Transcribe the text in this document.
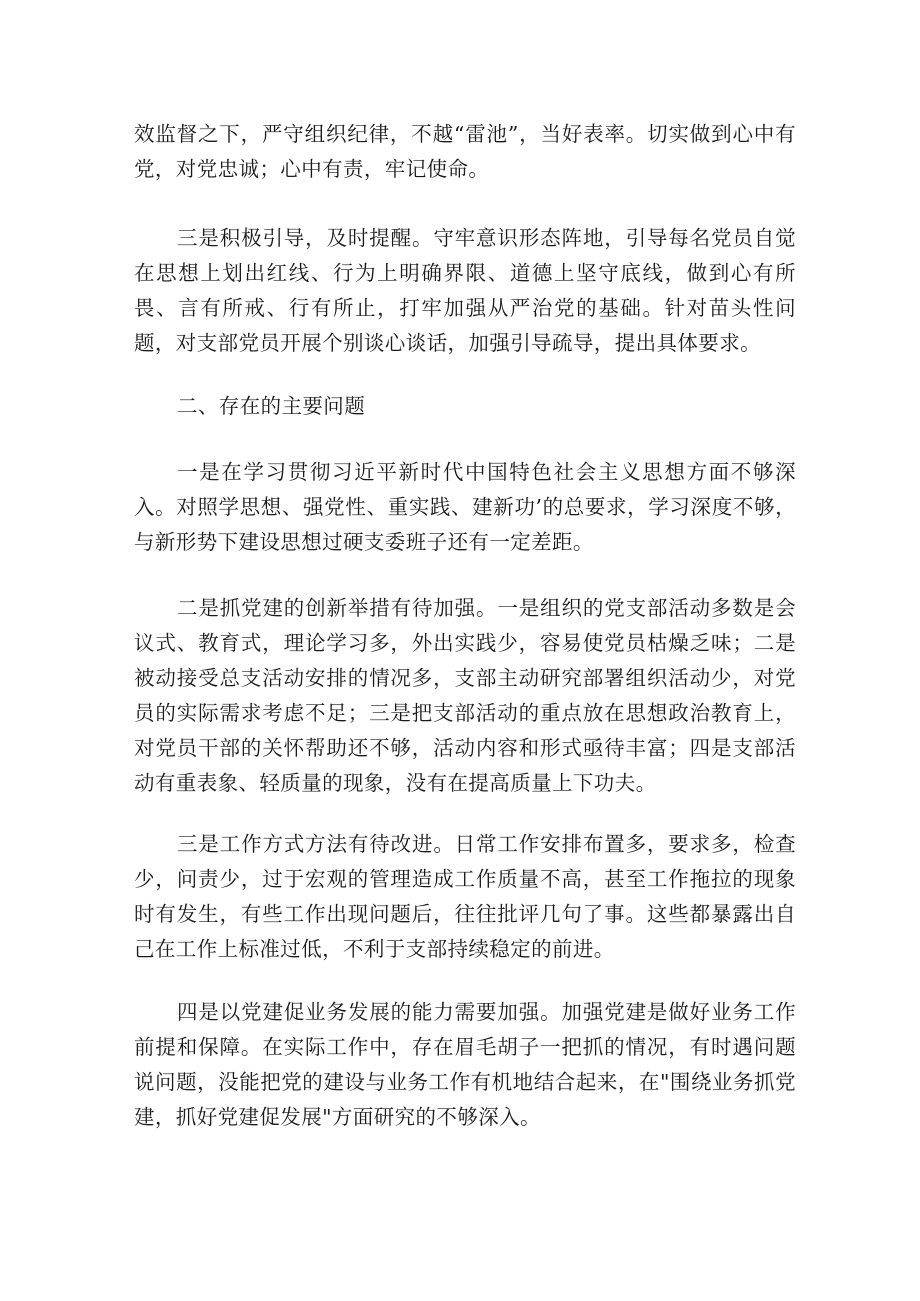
效监督之下，严守组织纪律，不越“雷池”，当好表率。切实做到心中有党，对党忠诚；心中有责，牢记使命。

三是积极引导，及时提醒。守牢意识形态阵地，引导每名党员自觉在思想上划出红线、行为上明确界限、道德上坚守底线，做到心有所畏、言有所戒、行有所止，打牢加强从严治党的基础。针对苗头性问题，对支部党员开展个别谈心谈话，加强引导疏导，提出具体要求。

二、存在的主要问题

一是在学习贯彻习近平新时代中国特色社会主义思想方面不够深入。对照学思想、强党性、重实践、建新功’的总要求，学习深度不够，与新形势下建设思想过硬支委班子还有一定差距。

二是抓党建的创新举措有待加强。一是组织的党支部活动多数是会议式、教育式，理论学习多，外出实践少，容易使党员枯燥乏味；二是被动接受总支活动安排的情况多，支部主动研究部署组织活动少，对党员的实际需求考虑不足；三是把支部活动的重点放在思想政治教育上，对党员干部的关怀帮助还不够，活动内容和形式亟待丰富；四是支部活动有重表象、轻质量的现象，没有在提高质量上下功夫。

三是工作方式方法有待改进。日常工作安排布置多，要求多，检查少，问责少，过于宏观的管理造成工作质量不高，甚至工作拖拉的现象时有发生，有些工作出现问题后，往往批评几句了事。这些都暴露出自己在工作上标准过低，不利于支部持续稳定的前进。

四是以党建促业务发展的能力需要加强。加强党建是做好业务工作前提和保障。在实际工作中，存在眉毛胡子一把抓的情况，有时遇问题说问题，没能把党的建设与业务工作有机地结合起来，在"围绕业务抓党建，抓好党建促发展"方面研究的不够深入。
